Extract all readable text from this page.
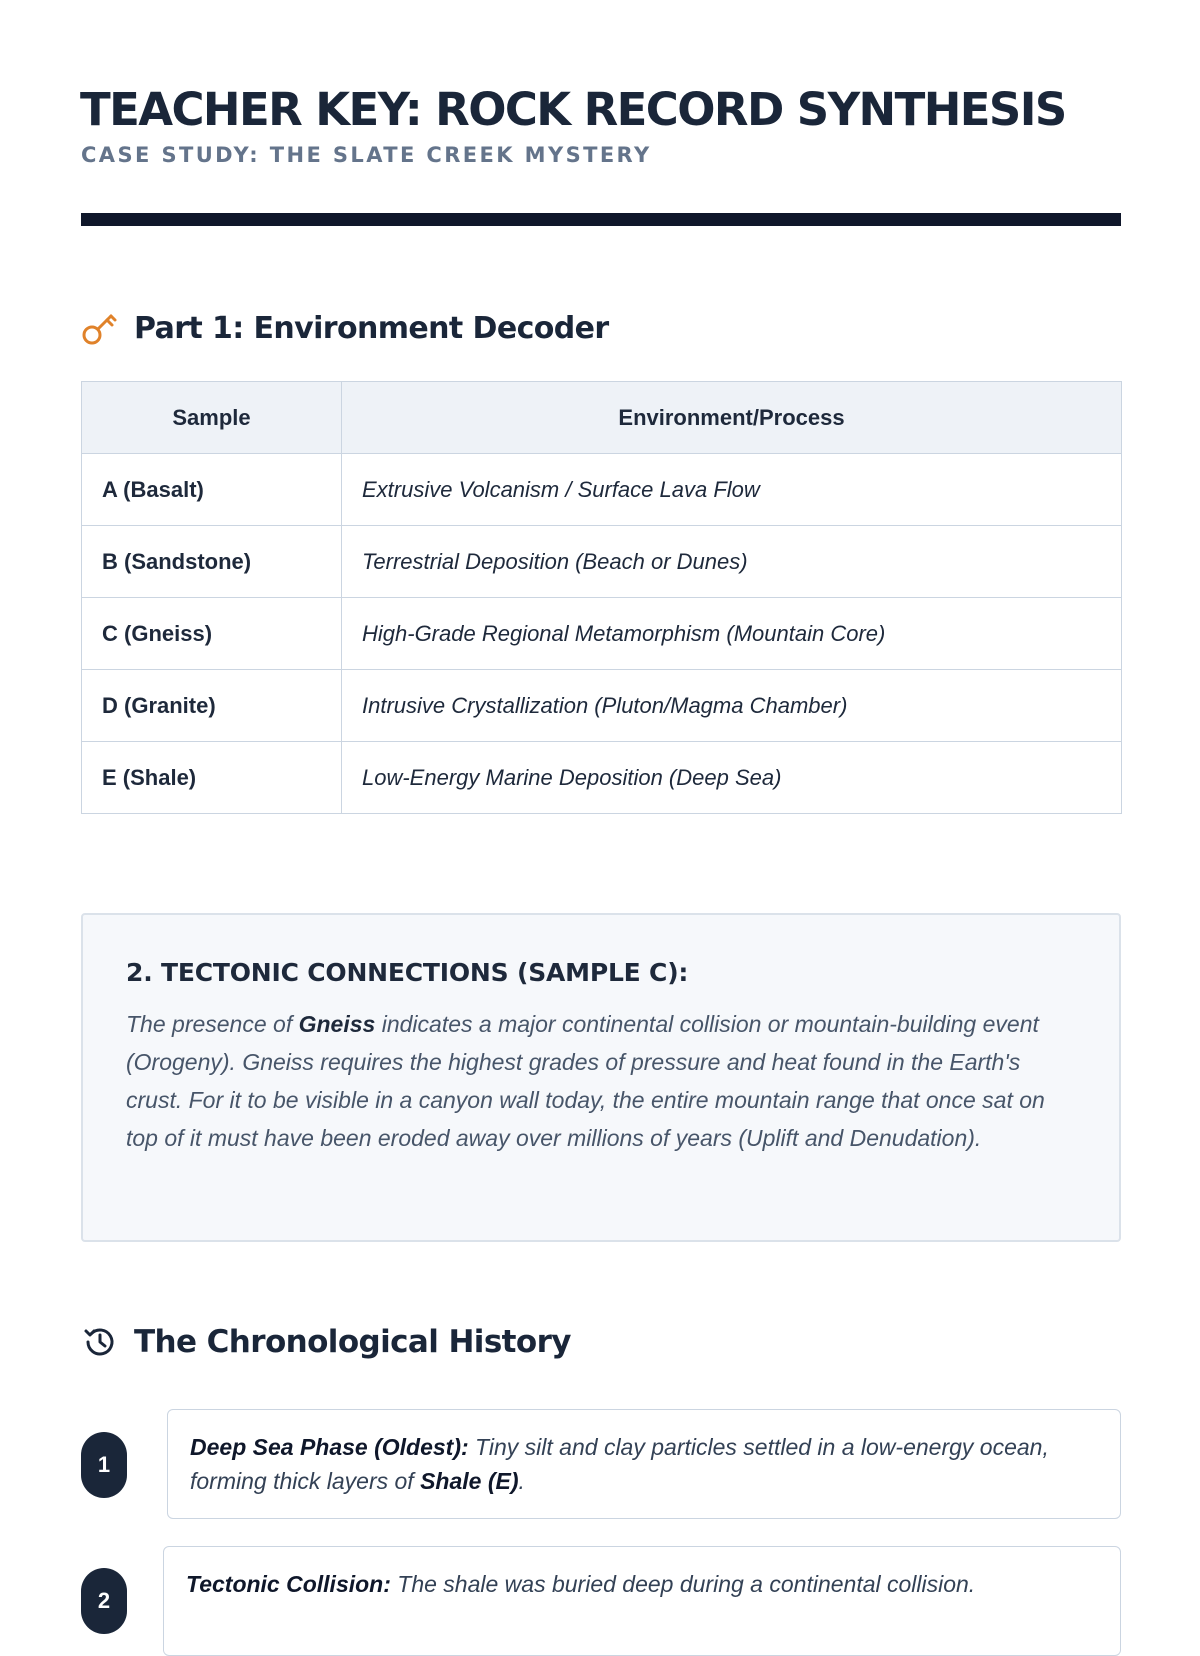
TEACHER KEY: ROCK RECORD SYNTHESIS
CASE STUDY: THE SLATE CREEK MYSTERY
Part 1: Environment Decoder
Sample	Environment/Process
A (Basalt)	Extrusive Volcanism / Surface Lava Flow
B (Sandstone)	Terrestrial Deposition (Beach or Dunes)
C (Gneiss)	High-Grade Regional Metamorphism (Mountain Core)
D (Granite)	Intrusive Crystallization (Pluton/Magma Chamber)
E (Shale)	Low-Energy Marine Deposition (Deep Sea)
2. TECTONIC CONNECTIONS (SAMPLE C):

The presence of Gneiss indicates a major continental collision or mountain-building event (Orogeny). Gneiss requires the highest grades of pressure and heat found in the Earth's crust. For it to be visible in a canyon wall today, the entire mountain range that once sat on top of it must have been eroded away over millions of years (Uplift and Denudation).

The Chronological History
1
Deep Sea Phase (Oldest): Tiny silt and clay particles settled in a low-energy ocean, forming thick layers of Shale (E).
2
Tectonic Collision: The shale was buried deep during a continental collision.
